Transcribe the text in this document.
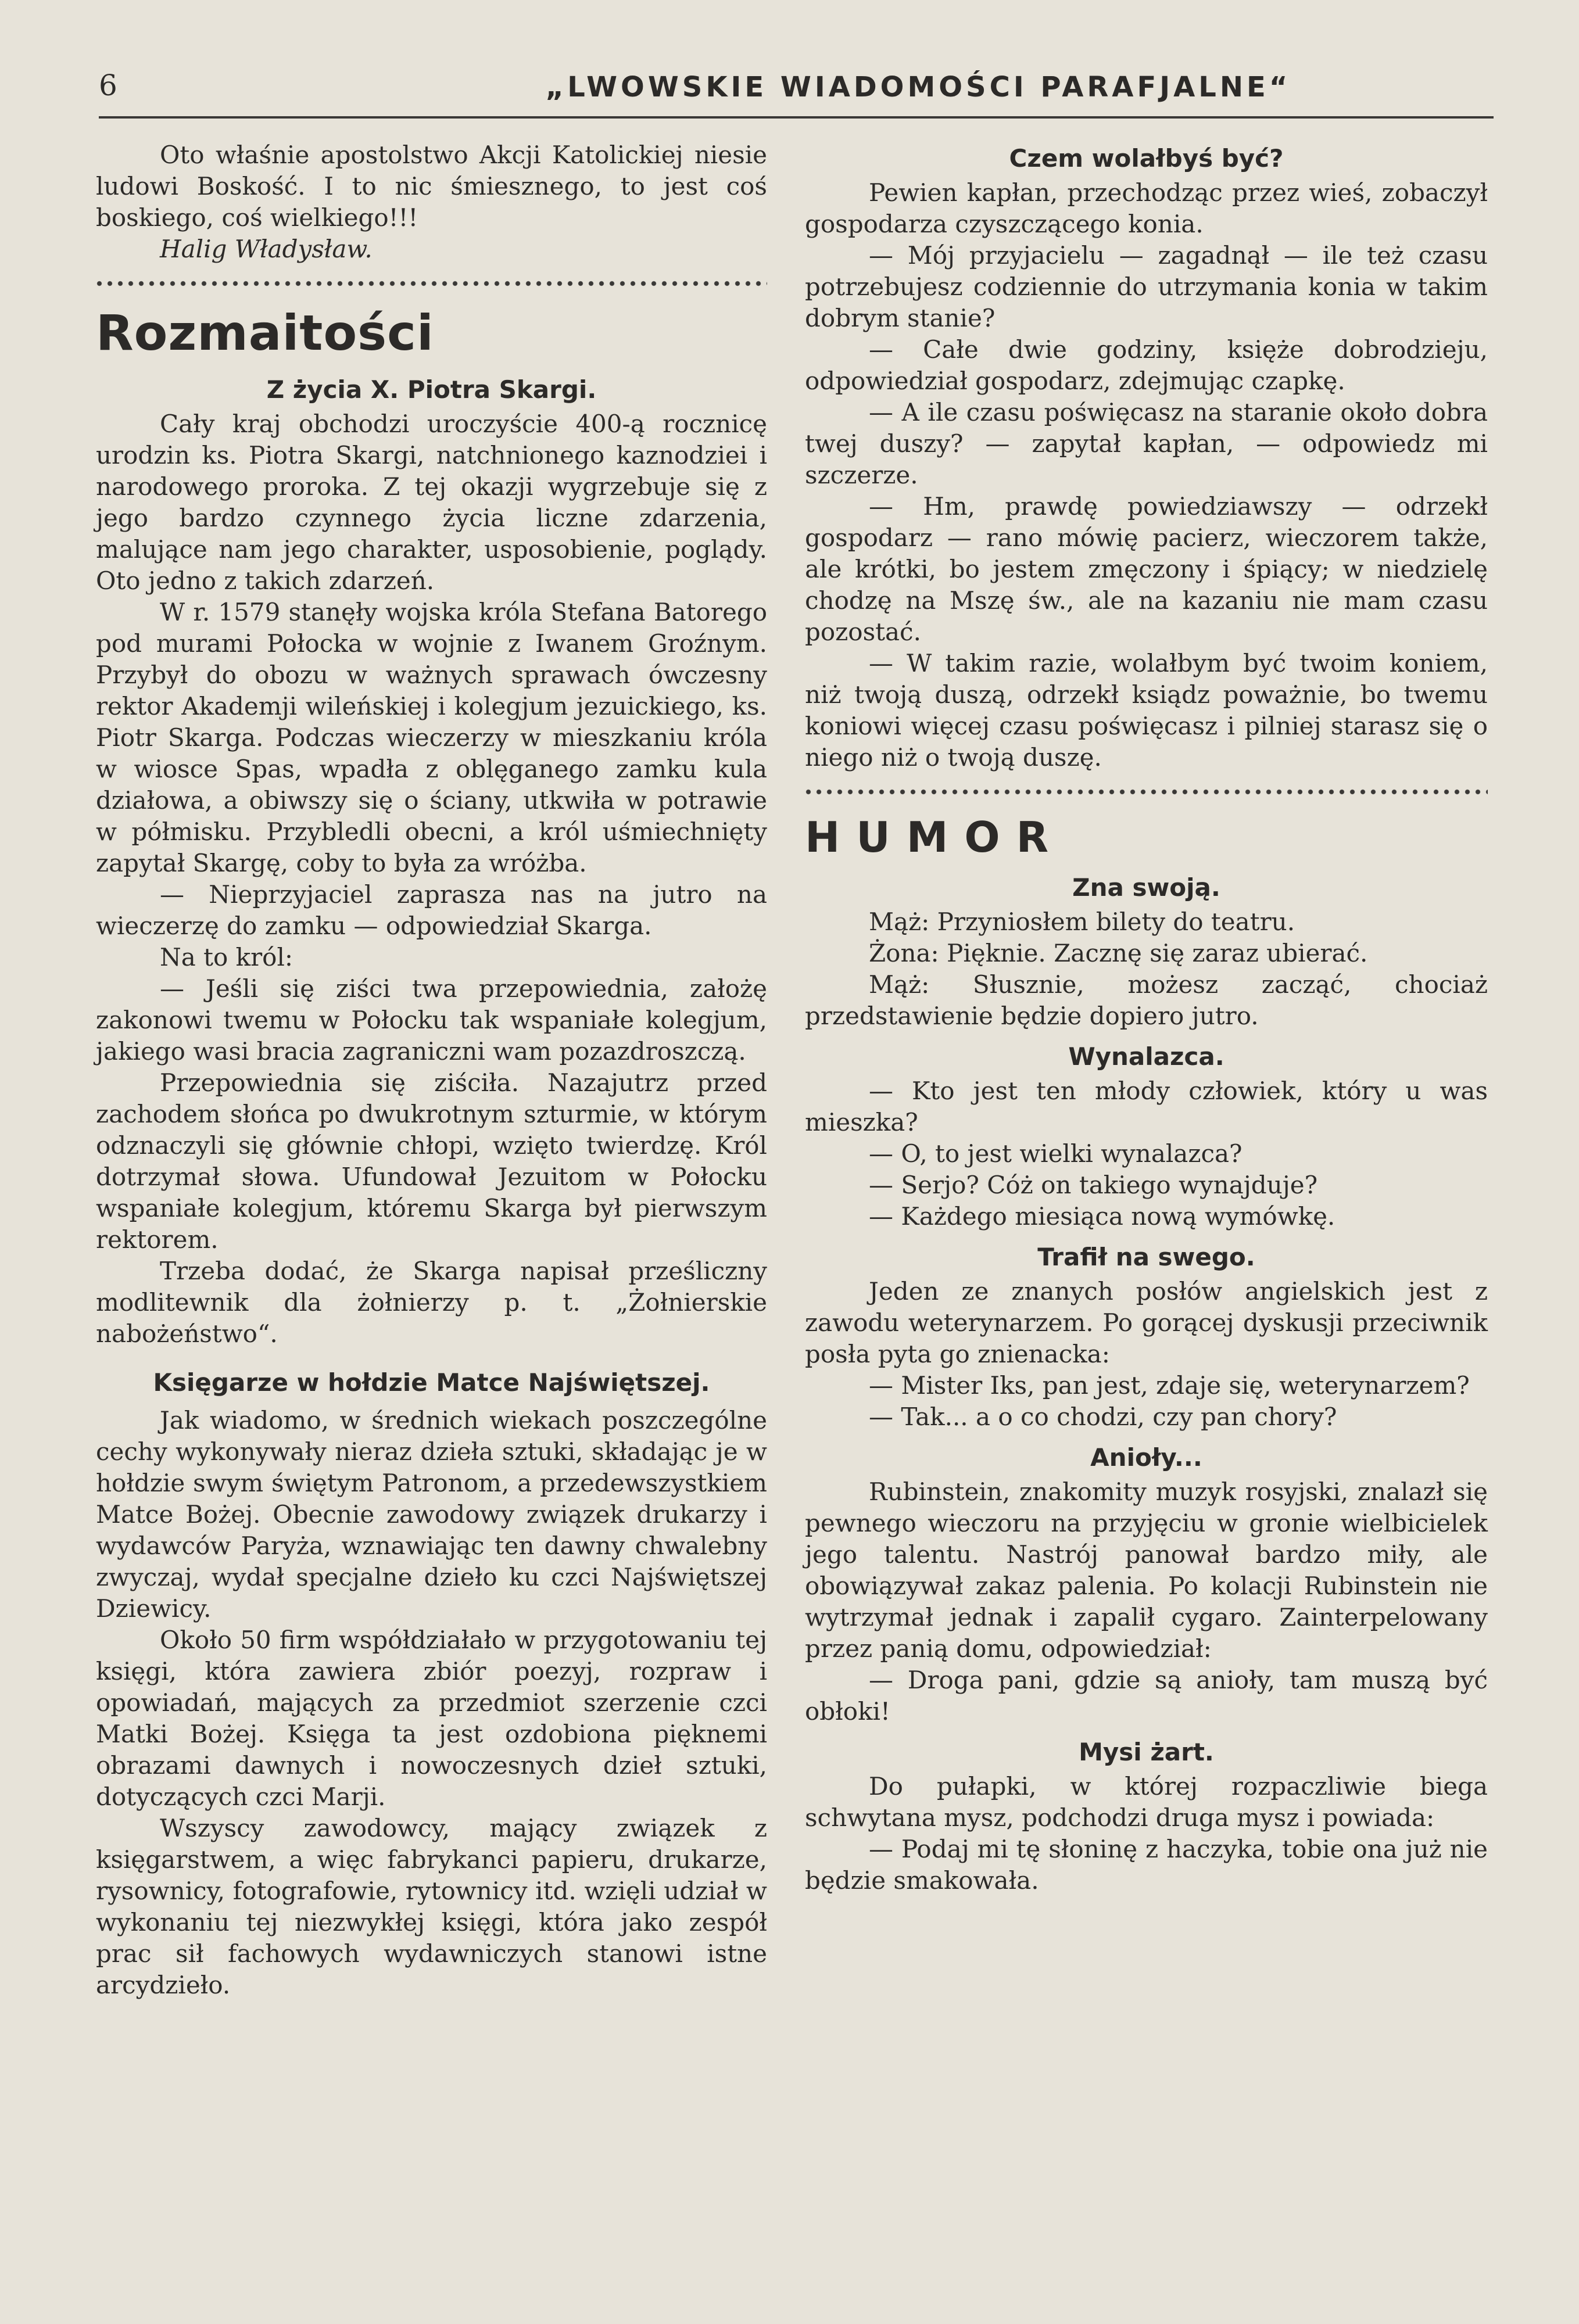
6	„LWOWSKIE WIADOMOŚCI PARAFJALNE“

Oto właśnie apostolstwo Akcji Katolickiej niesie ludowi Boskość. I to nic śmiesznego, to jest coś boskiego, coś wielkiego!!!

Halig Władysław.

Rozmaitości
Z życia X. Piotra Skargi.

Cały kraj obchodzi uroczyście 400-ą rocznicę urodzin ks. Piotra Skargi, natchnionego kaznodziei i narodowego proroka. Z tej okazji wygrzebuje się z jego bardzo czynnego życia liczne zdarzenia, malujące nam jego charakter, usposobienie, poglądy. Oto jedno z takich zdarzeń.

W r. 1579 stanęły wojska króla Stefana Batorego pod murami Połocka w wojnie z Iwanem Groźnym. Przybył do obozu w ważnych sprawach ówczesny rektor Akademji wileńskiej i kolegjum jezuickiego, ks. Piotr Skarga. Podczas wieczerzy w mieszkaniu króla w wiosce Spas, wpadła z oblęganego zamku kula działowa, a obiwszy się o ściany, utkwiła w potrawie w półmisku. Przybledli obecni, a król uśmiechnięty zapytał Skargę, coby to była za wróżba.

— Nieprzyjaciel zaprasza nas na jutro na wieczerzę do zamku — odpowiedział Skarga.

Na to król:

— Jeśli się ziści twa przepowiednia, założę zakonowi twemu w Połocku tak wspaniałe kolegjum, jakiego wasi bracia zagraniczni wam pozazdroszczą.

Przepowiednia się ziściła. Nazajutrz przed zachodem słońca po dwukrotnym szturmie, w którym odznaczyli się głównie chłopi, wzięto twierdzę. Król dotrzymał słowa. Ufundował Jezuitom w Połocku wspaniałe kolegjum, któremu Skarga był pierwszym rektorem.

Trzeba dodać, że Skarga napisał prześliczny modlitewnik dla żołnierzy p. t. „Żołnierskie nabożeństwo“.

Księgarze w hołdzie Matce Najświętszej.

Jak wiadomo, w średnich wiekach poszczególne cechy wykonywały nieraz dzieła sztuki, składając je w hołdzie swym świętym Patronom, a przedewszystkiem Matce Bożej. Obecnie zawodowy związek drukarzy i wydawców Paryża, wznawiając ten dawny chwalebny zwyczaj, wydał specjalne dzieło ku czci Najświętszej Dziewicy.

Około 50 firm współdziałało w przygotowaniu tej księgi, która zawiera zbiór poezyj, rozpraw i opowiadań, mających za przedmiot szerzenie czci Matki Bożej. Księga ta jest ozdobiona pięknemi obrazami dawnych i nowoczesnych dzieł sztuki, dotyczących czci Marji.

Wszyscy zawodowcy, mający związek z księgarstwem, a więc fabrykanci papieru, drukarze, rysownicy, fotografowie, rytownicy itd. wzięli udział w wykonaniu tej niezwykłej księgi, która jako zespół prac sił fachowych wydawniczych stanowi istne arcydzieło.

Czem wolałbyś być?

Pewien kapłan, przechodząc przez wieś, zobaczył gospodarza czyszczącego konia.

— Mój przyjacielu — zagadnął — ile też czasu potrzebujesz codziennie do utrzymania konia w takim dobrym stanie?

— Całe dwie godziny, księże dobrodzieju, odpowiedział gospodarz, zdejmując czapkę.

— A ile czasu poświęcasz na staranie około dobra twej duszy? — zapytał kapłan, — odpowiedz mi szczerze.

— Hm, prawdę powiedziawszy — odrzekł gospodarz — rano mówię pacierz, wieczorem także, ale krótki, bo jestem zmęczony i śpiący; w niedzielę chodzę na Mszę św., ale na kazaniu nie mam czasu pozostać.

— W takim razie, wolałbym być twoim koniem, niż twoją duszą, odrzekł ksiądz poważnie, bo twemu koniowi więcej czasu poświęcasz i pilniej starasz się o niego niż o twoją duszę.

HUMOR
Zna swoją.

Mąż: Przyniosłem bilety do teatru.

Żona: Pięknie. Zacznę się zaraz ubierać.

Mąż: Słusznie, możesz zacząć, chociaż przedstawienie będzie dopiero jutro.

Wynalazca.

— Kto jest ten młody człowiek, który u was mieszka?

— O, to jest wielki wynalazca?

— Serjo? Cóż on takiego wynajduje?

— Każdego miesiąca nową wymówkę.

Trafił na swego.

Jeden ze znanych posłów angielskich jest z zawodu weterynarzem. Po gorącej dyskusji przeciwnik posła pyta go znienacka:

— Mister Iks, pan jest, zdaje się, weterynarzem?

— Tak... a o co chodzi, czy pan chory?

Anioły...

Rubinstein, znakomity muzyk rosyjski, znalazł się pewnego wieczoru na przyjęciu w gronie wielbicielek jego talentu. Nastrój panował bardzo miły, ale obowiązywał zakaz palenia. Po kolacji Rubinstein nie wytrzymał jednak i zapalił cygaro. Zainterpelowany przez panią domu, odpowiedział:

— Droga pani, gdzie są anioły, tam muszą być obłoki!

Mysi żart.

Do pułapki, w której rozpaczliwie biega schwytana mysz, podchodzi druga mysz i powiada:

— Podaj mi tę słoninę z haczyka, tobie ona już nie będzie smakowała.
